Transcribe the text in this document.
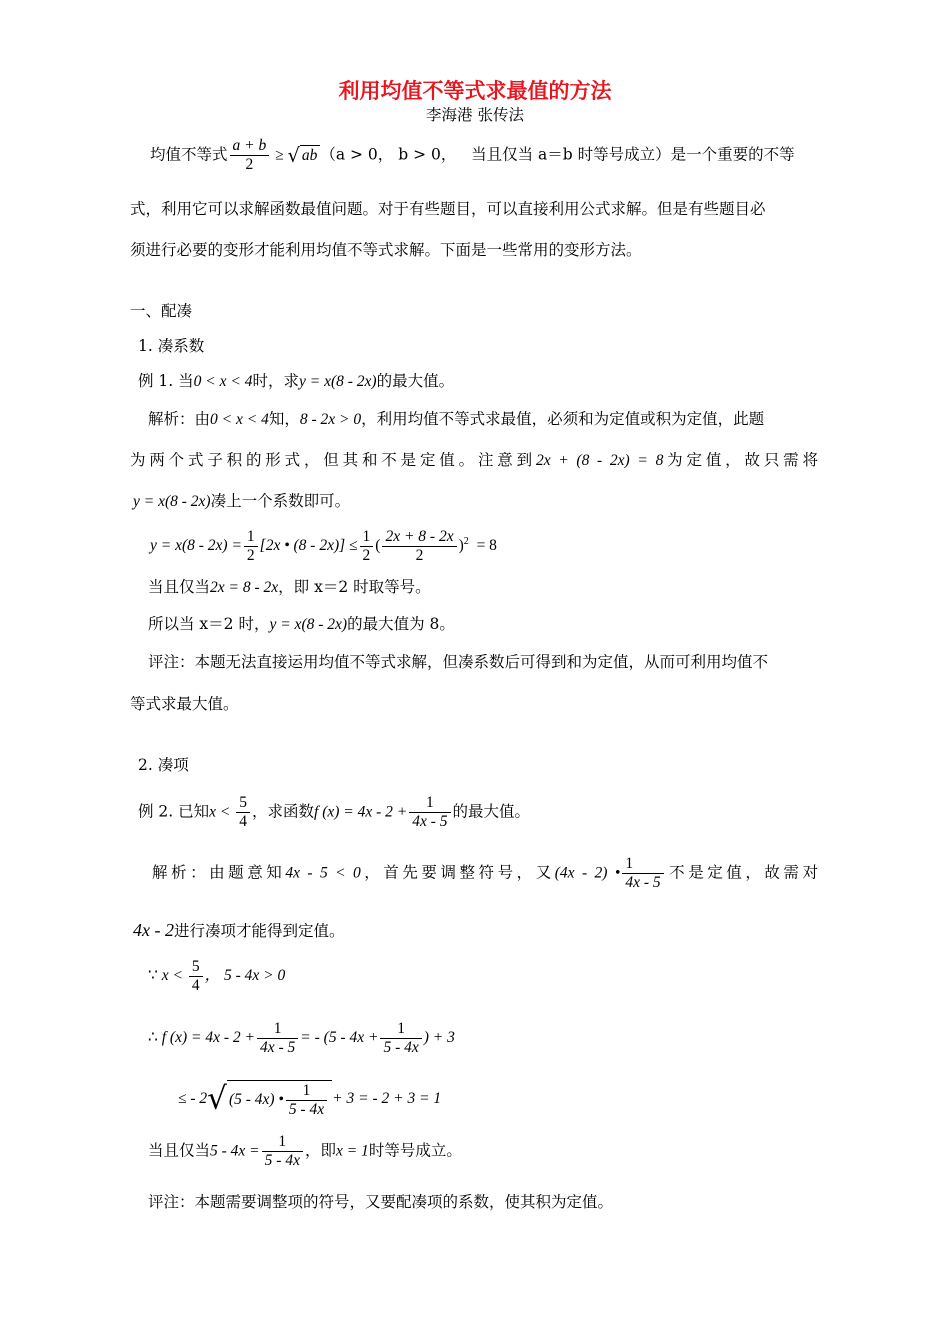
利用均值不等式求最值的方法
李海港 张传法
均值不等式 $\frac{a + b}{2}$ ≥ √ ab （a > 0， b > 0， 当且仅当 a＝b 时等号成立）是一个重要的不等
式，利用它可以求解函数最值问题。对于有些题目，可以直接利用公式求解。但是有些题目必
须进行必要的变形才能利用均值不等式求解。下面是一些常用的变形方法。
一、配凑
1. 凑系数
例 1. 当0 < x < 4时，求y = x(8 - 2x)的最大值。
解析：由0 < x < 4知，8 - 2x > 0，利用均值不等式求最值，必须和为定值或积为定值，此题
为两个式子积的形式，但其和不是定值。注意到2x + (8 - 2x) = 8为定值，故只需将
y = x(8 - 2x)凑上一个系数即可。
$y = x(8 - 2x) = \frac{1}{2} [2x$ • $(8 - 2x)] \le \frac{1}{2}$ ( $\frac{2x + 8 - 2x}{2} )^2 = 8$
当且仅当2x = 8 - 2x，即 x＝2 时取等号。
所以当 x＝2 时，y = x(8 - 2x)的最大值为 8。
评注：本题无法直接运用均值不等式求解，但凑系数后可得到和为定值，从而可利用均值不
等式求最大值。
2. 凑项
例 2. 已知$x < \frac{5}{4}$ ，求函数f $(x) = 4x - 2 + \frac{1}{4x - 5}$ 的最大值。
解析：由题意知4x - 5 < 0，首先要调整符号，又(4x - 2) • $\frac{1}{4x - 5}$ 不是定值，故需对
4x - 2进行凑项才能得到定值。
∵ $x < \frac{5}{4}$ ， 5 - 4x > 0
∴ f $(x) = 4x - 2 + \frac{1}{4x - 5}$ = - ($5 - 4x + \frac{1}{5 - 4x}$ ) + 3
≤ - 2√ (5 - 4x) • $\frac{1}{5 - 4x} + 3$ = - 2 + 3 = 1
当且仅当$5 - 4x = \frac{1}{5 - 4x}$ ，即x = 1时等号成立。
评注：本题需要调整项的符号，又要配凑项的系数，使其积为定值。
